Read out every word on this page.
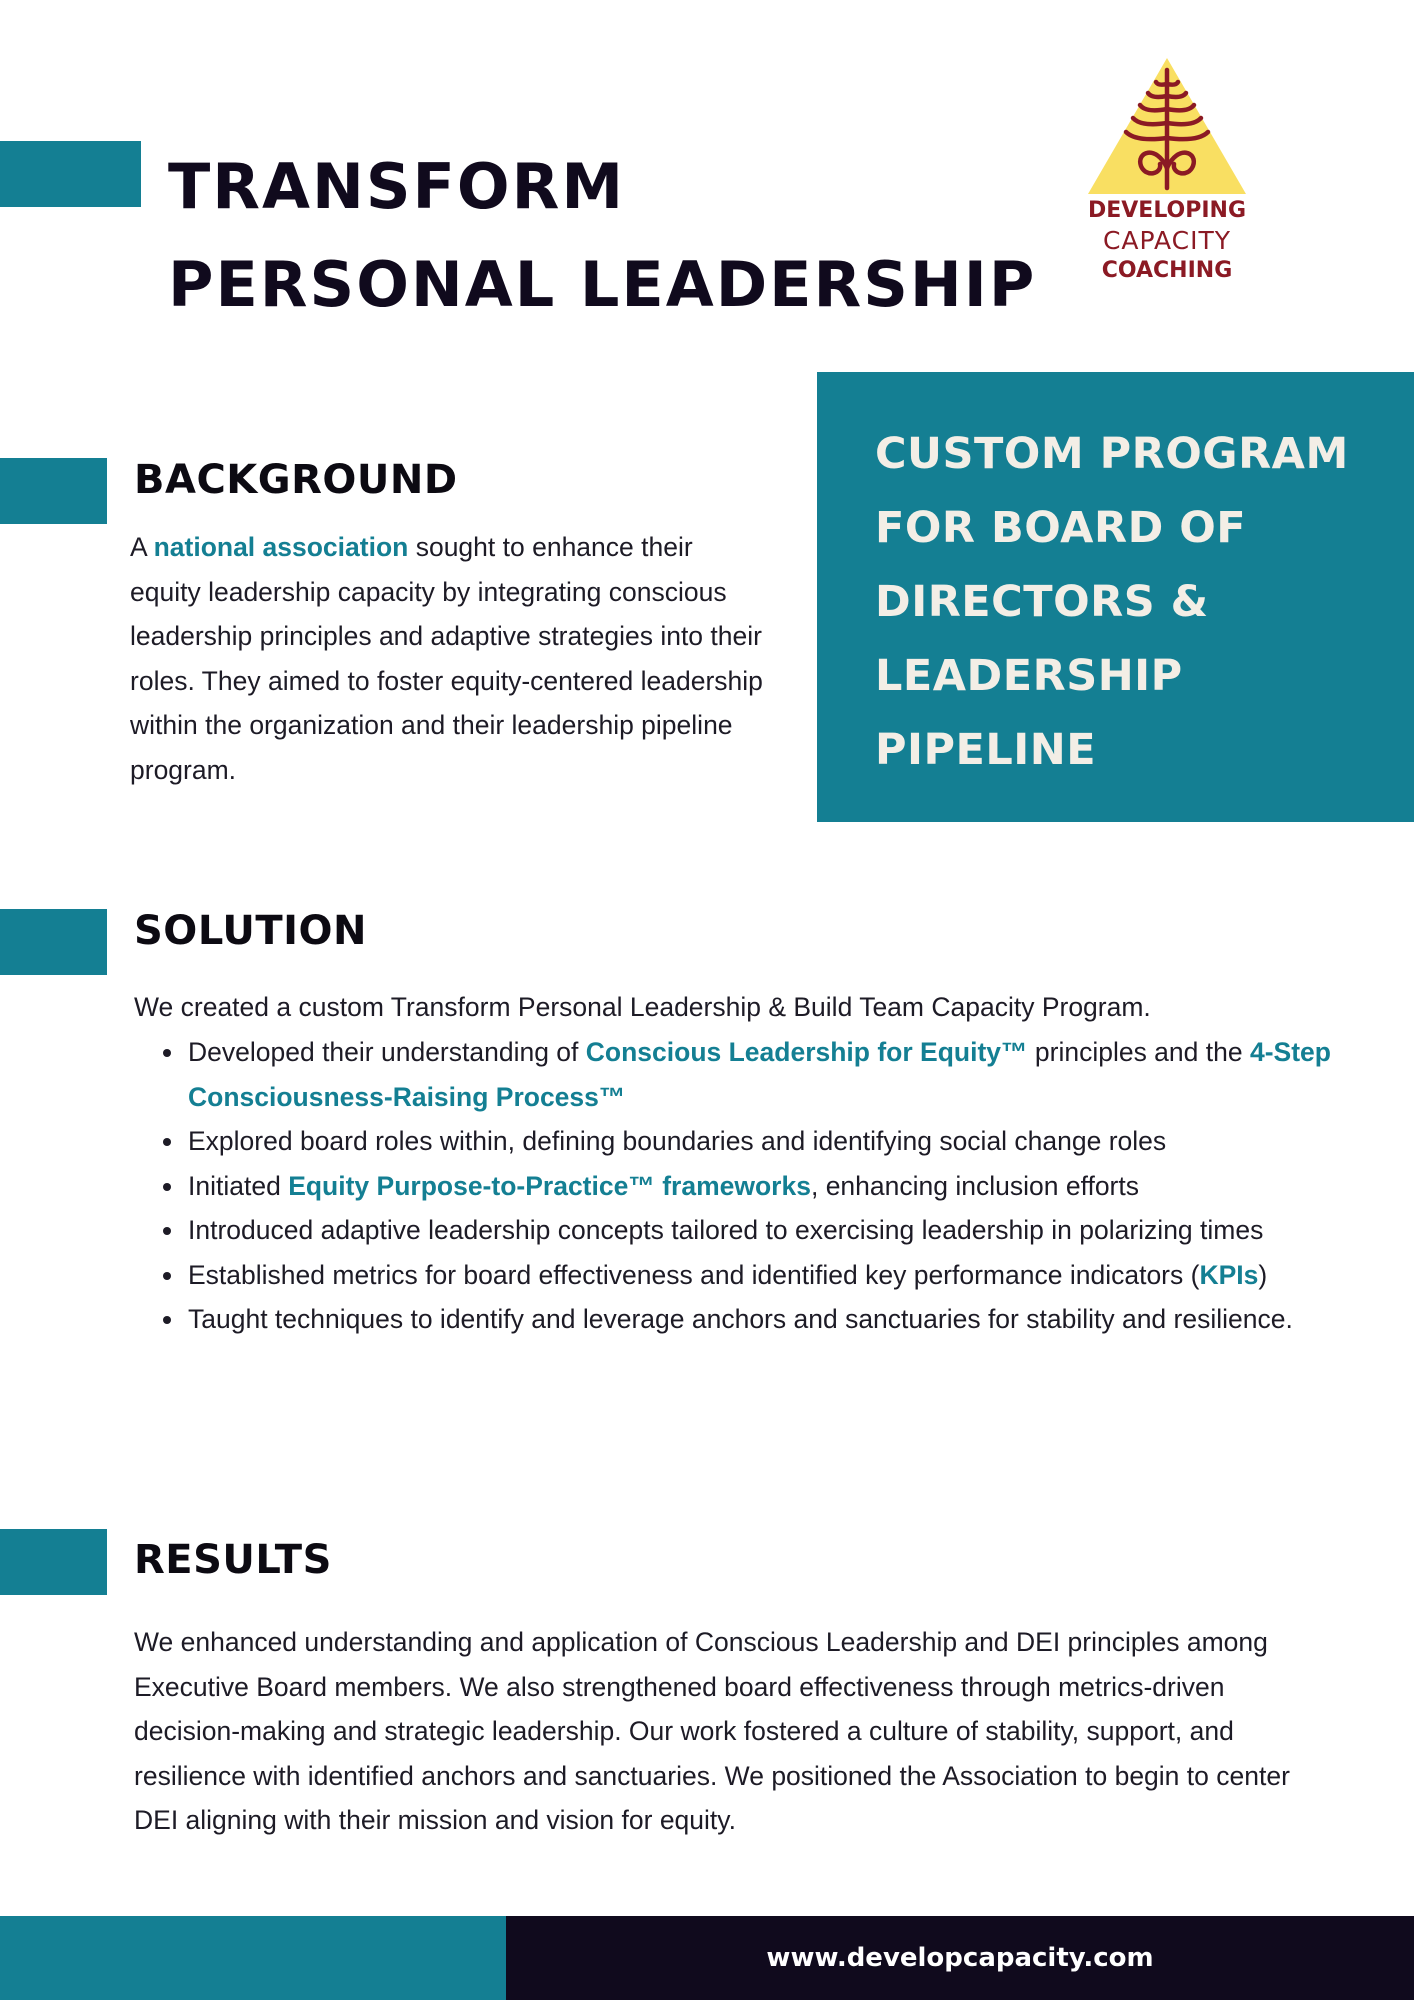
TRANSFORM
PERSONAL LEADERSHIP
DEVELOPING
CAPACITY
COACHING
CUSTOM PROGRAM
FOR BOARD OF
DIRECTORS &
LEADERSHIP
PIPELINE
BACKGROUND

A national association sought to enhance their equity leadership capacity by integrating conscious leadership principles and adaptive strategies into their roles. They aimed to foster equity-centered leadership within the organization and their leadership pipeline program.

SOLUTION

We created a custom Transform Personal Leadership & Build Team Capacity Program.

• Developed their understanding of Conscious Leadership for Equity™ principles and the 4-Step Consciousness-Raising Process™
• Explored board roles within, defining boundaries and identifying social change roles
• Initiated Equity Purpose-to-Practice™ frameworks, enhancing inclusion efforts
• Introduced adaptive leadership concepts tailored to exercising leadership in polarizing times
• Established metrics for board effectiveness and identified key performance indicators (KPIs)
• Taught techniques to identify and leverage anchors and sanctuaries for stability and resilience.
RESULTS

We enhanced understanding and application of Conscious Leadership and DEI principles among Executive Board members. We also strengthened board effectiveness through metrics-driven decision-making and strategic leadership. Our work fostered a culture of stability, support, and resilience with identified anchors and sanctuaries. We positioned the Association to begin to center DEI aligning with their mission and vision for equity.

www.developcapacity.com
